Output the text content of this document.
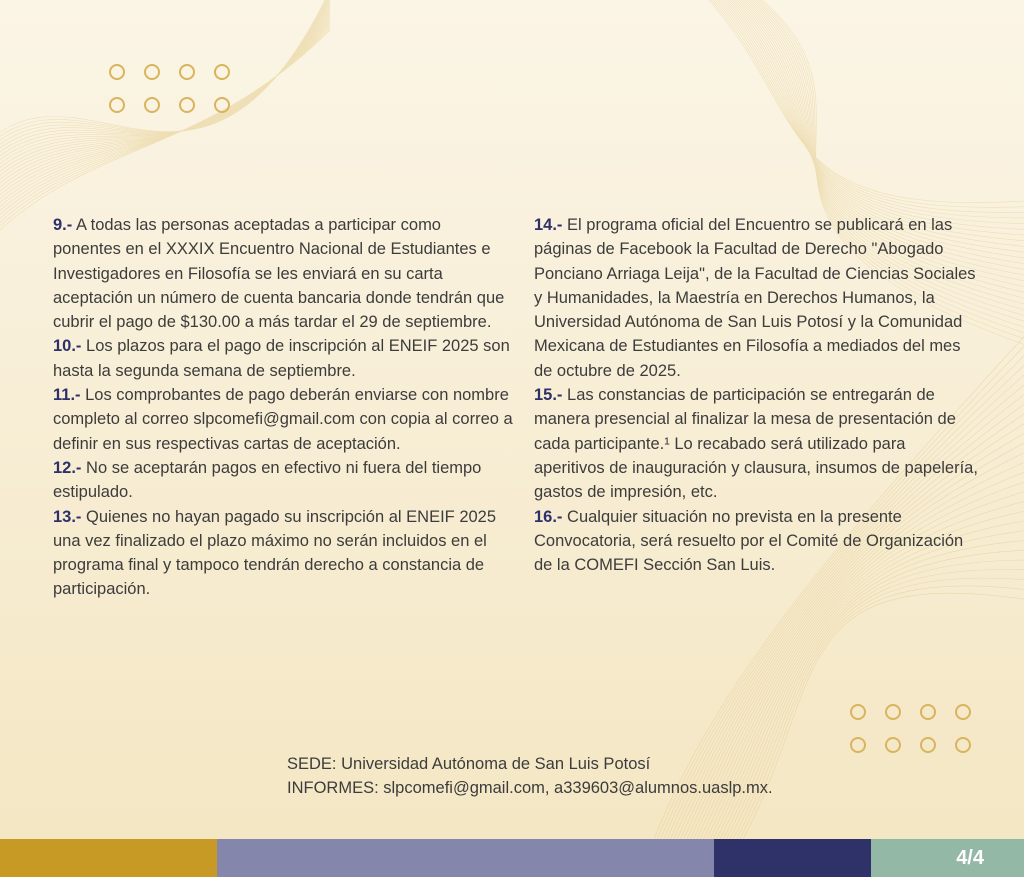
9.- A todas las personas aceptadas a participar como ponentes en el XXXIX Encuentro Nacional de Estudiantes e Investigadores en Filosofía se les enviará en su carta aceptación un número de cuenta bancaria donde tendrán que cubrir el pago de $130.00 a más tardar el 29 de septiembre.

10.- Los plazos para el pago de inscripción al ENEIF 2025 son hasta la segunda semana de septiembre.

11.- Los comprobantes de pago deberán enviarse con nombre completo al correo slpcomefi@gmail.com con copia al correo a definir en sus respectivas cartas de aceptación.

12.- No se aceptarán pagos en efectivo ni fuera del tiempo estipulado.

13.- Quienes no hayan pagado su inscripción al ENEIF 2025 una vez finalizado el plazo máximo no serán incluidos en el programa final y tampoco tendrán derecho a constancia de participación.

14.- El programa oficial del Encuentro se publicará en las páginas de Facebook la Facultad de Derecho "Abogado Ponciano Arriaga Leija", de la Facultad de Ciencias Sociales y Humanidades, la Maestría en Derechos Humanos, la Universidad Autónoma de San Luis Potosí y la Comunidad Mexicana de Estudiantes en Filosofía a mediados del mes de octubre de 2025.

15.- Las constancias de participación se entregarán de manera presencial al finalizar la mesa de presentación de cada participante.¹ Lo recabado será utilizado para aperitivos de inauguración y clausura, insumos de papelería, gastos de impresión, etc.

16.- Cualquier situación no prevista en la presente Convocatoria, será resuelto por el Comité de Organización de la COMEFI Sección San Luis.

SEDE: Universidad Autónoma de San Luis Potosí
INFORMES: slpcomefi@gmail.com, a339603@alumnos.uaslp.mx.
4/4
